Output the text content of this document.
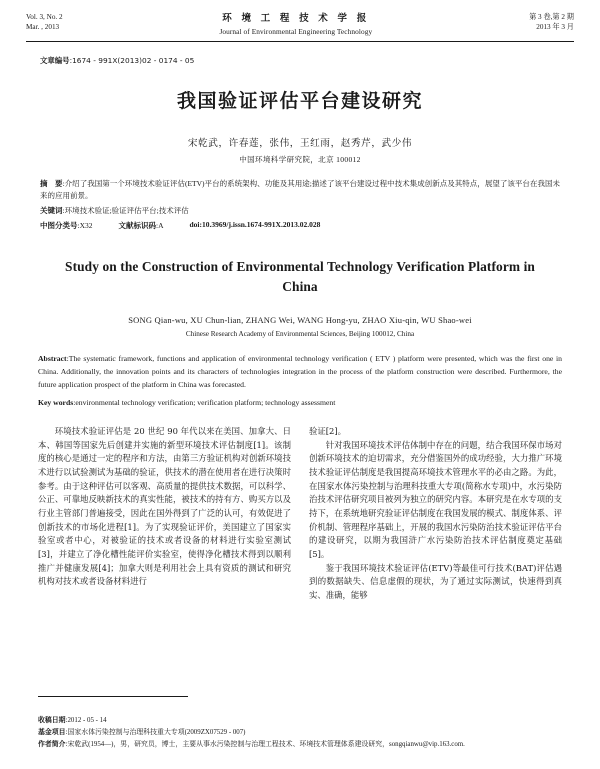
Vol. 3, No. 2
Mar. , 2013
环 境 工 程 技 术 学 报
Journal of Environmental Engineering Technology
第 3 卷,第 2 期
2013 年 3 月
文章编号:1674 - 991X(2013)02 - 0174 - 05
我国验证评估平台建设研究
宋乾武，许春莲，张伟，王红雨，赵秀芹，武少伟
中国环境科学研究院，北京 100012
摘　要:介绍了我国第一个环境技术验证评估(ETV)平台的系统架构、功能及其用途;描述了该平台建设过程中技术集成创新点及其特点，展望了该平台在我国未来的应用前景。
关键词:环境技术验证;验证评估平台;技术评估
中图分类号:X32	文献标识码:A	doi:10.3969/j.issn.1674-991X.2013.02.028
Study on the Construction of Environmental Technology Verification Platform in China
SONG Qian-wu, XU Chun-lian, ZHANG Wei, WANG Hong-yu, ZHAO Xiu-qin, WU Shao-wei
Chinese Research Academy of Environmental Sciences, Beijing 100012, China
Abstract:The systematic framework, functions and application of environmental technology verification ( ETV ) platform were presented, which was the first one in China. Additionally, the innovation points and its characters of technologies integration in the process of the platform construction were described. Furthermore, the future application prospect of the platform in China was forecasted.
Key words:environmental technology verification; verification platform; technology assessment

环境技术验证评估是 20 世纪 90 年代以来在美国、加拿大、日本、韩国等国家先后创建并实施的新型环境技术评估制度[1]。该制度的核心是通过一定的程序和方法，由第三方验证机构对创新环境技术进行以试验测试为基础的验证，供技术的潜在使用者在进行决策时参考。由于这种评估可以客观、高质量的提供技术数据，可以科学、公正、可靠地反映新技术的真实性能，被技术的持有方、购买方以及行业主管部门普遍接受，因此在国外得到了广泛的认可，有效促进了创新技术的市场化进程[1]。为了实现验证评价，美国建立了国家实验室或者中心，对被验证的技术或者设备的材料进行实验室测试[3]，并建立了净化槽性能评价实验室，使得净化槽技术得到以顺利推广并健康发展[4]；加拿大则是利用社会上具有资质的测试和研究机构对技术或者设备材料进行

验证[2]。

针对我国环境技术评估体制中存在的问题，结合我国环保市场对创新环境技术的迫切需求，充分借鉴国外的成功经验，大力推广环境技术验证评估制度是我国提高环境技术管理水平的必由之路。为此，在国家水体污染控制与治理科技重大专项(简称水专项)中，水污染防治技术评估研究项目被列为独立的研究内容。本研究是在水专项的支持下，在系统地研究验证评估制度在我国发展的模式、制度体系、评价机制、管理程序基础上，开展的我国水污染防治技术验证评估平台的建设研究，以期为我国浒广水污染防治技术评估制度奠定基础[5]。

鉴于我国环境技术验证评估(ETV)等最佳可行技术(BAT)评估遇到的数据缺失、信息虚假的现状，为了通过实际测试，快速得到真实、准确，能够

收稿日期:2012 - 05 - 14
基金项目:国家水体污染控制与治理科技重大专项(2009ZX07529 - 007)
作者简介:宋乾武(1954—)，男，研究员，博士，主要从事水污染控制与治理工程技术、环境技术管理体系建设研究，songqianwu@vip.163.com.
